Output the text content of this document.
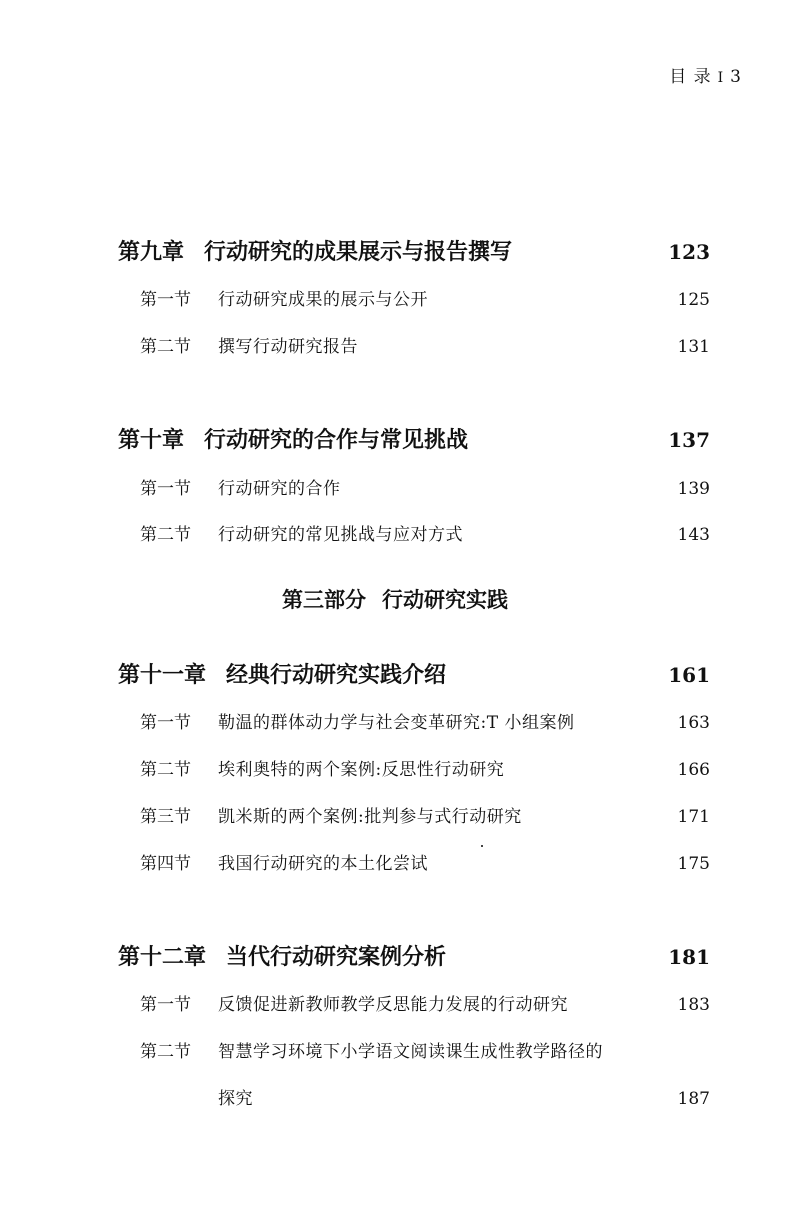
目 录 I 3
第九章 行动研究的成果展示与报告撰写	123
第一节 行动研究成果的展示与公开	125
第二节 撰写行动研究报告	131
第十章 行动研究的合作与常见挑战	137
第一节 行动研究的合作	139
第二节 行动研究的常见挑战与应对方式	143
第三部分 行动研究实践
第十一章 经典行动研究实践介绍	161
第一节 勒温的群体动力学与社会变革研究:T 小组案例	163
第二节 埃利奥特的两个案例:反思性行动研究	166
第三节 凯米斯的两个案例:批判参与式行动研究	171
第四节 我国行动研究的本土化尝试	175
第十二章 当代行动研究案例分析	181
第一节 反馈促进新教师教学反思能力发展的行动研究	183
第二节 智慧学习环境下小学语文阅读课生成性教学路径的
探究	187
